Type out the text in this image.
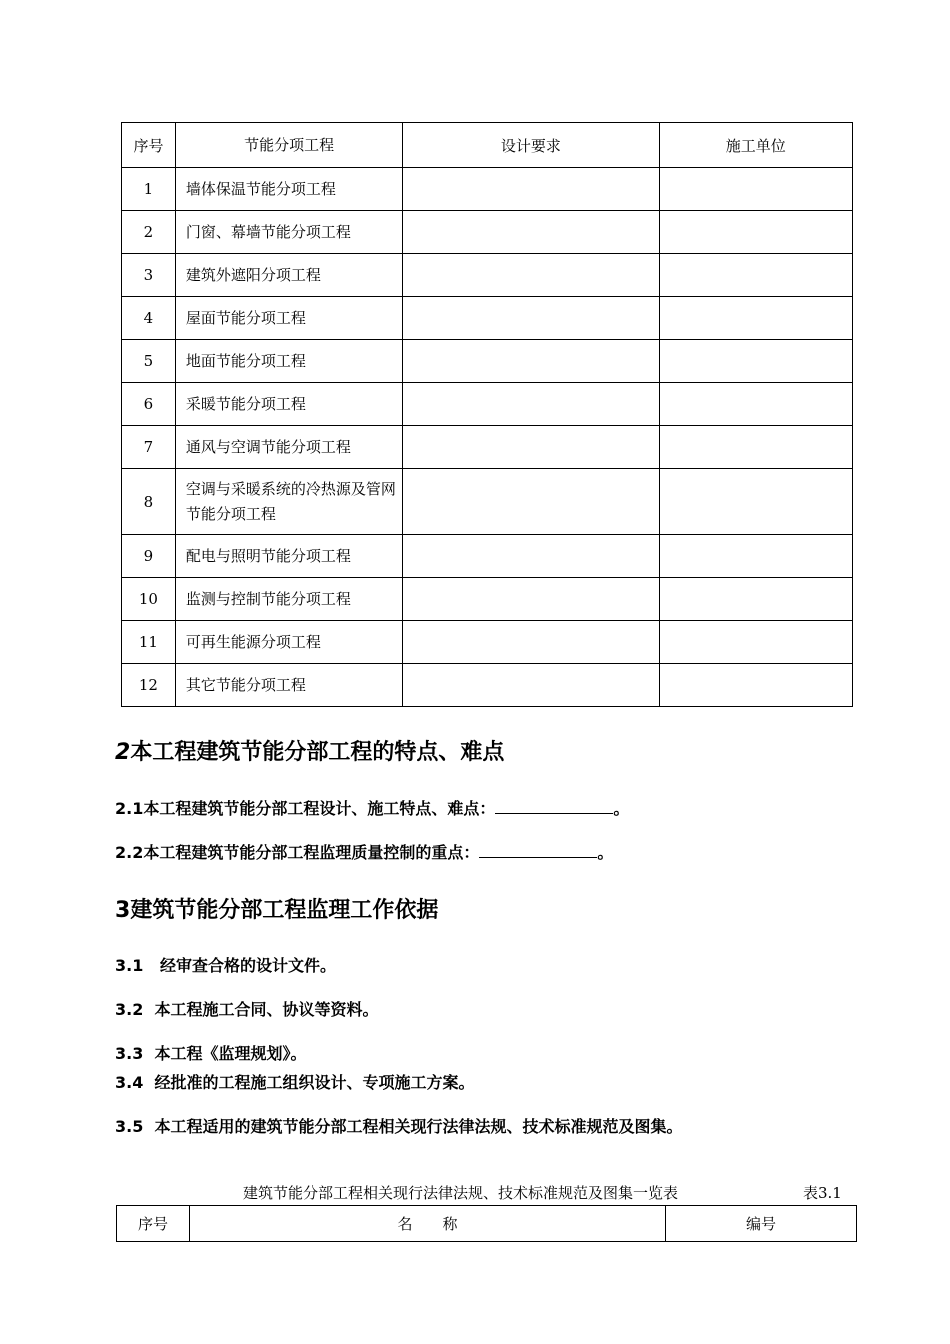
序号	节能分项工程	设计要求	施工单位
1	墙体保温节能分项工程		
2	门窗、幕墙节能分项工程		
3	建筑外遮阳分项工程		
4	屋面节能分项工程		
5	地面节能分项工程		
6	采暖节能分项工程		
7	通风与空调节能分项工程		
8	空调与采暖系统的冷热源及管网节能分项工程		
9	配电与照明节能分项工程		
10	监测与控制节能分项工程		
11	可再生能源分项工程		
12	其它节能分项工程		
2本工程建筑节能分部工程的特点、难点
2.1本工程建筑节能分部工程设计、施工特点、难点：	。
2.2本工程建筑节能分部工程监理质量控制的重点：	。
3建筑节能分部工程监理工作依据
3.1   经审查合格的设计文件。
3.2  本工程施工合同、协议等资料。
3.3  本工程《监理规划》。
3.4  经批准的工程施工组织设计、专项施工方案。
3.5  本工程适用的建筑节能分部工程相关现行法律法规、技术标准规范及图集。
建筑节能分部工程相关现行法律法规、技术标准规范及图集一览表	表3.1
序号	名　　称	编号
